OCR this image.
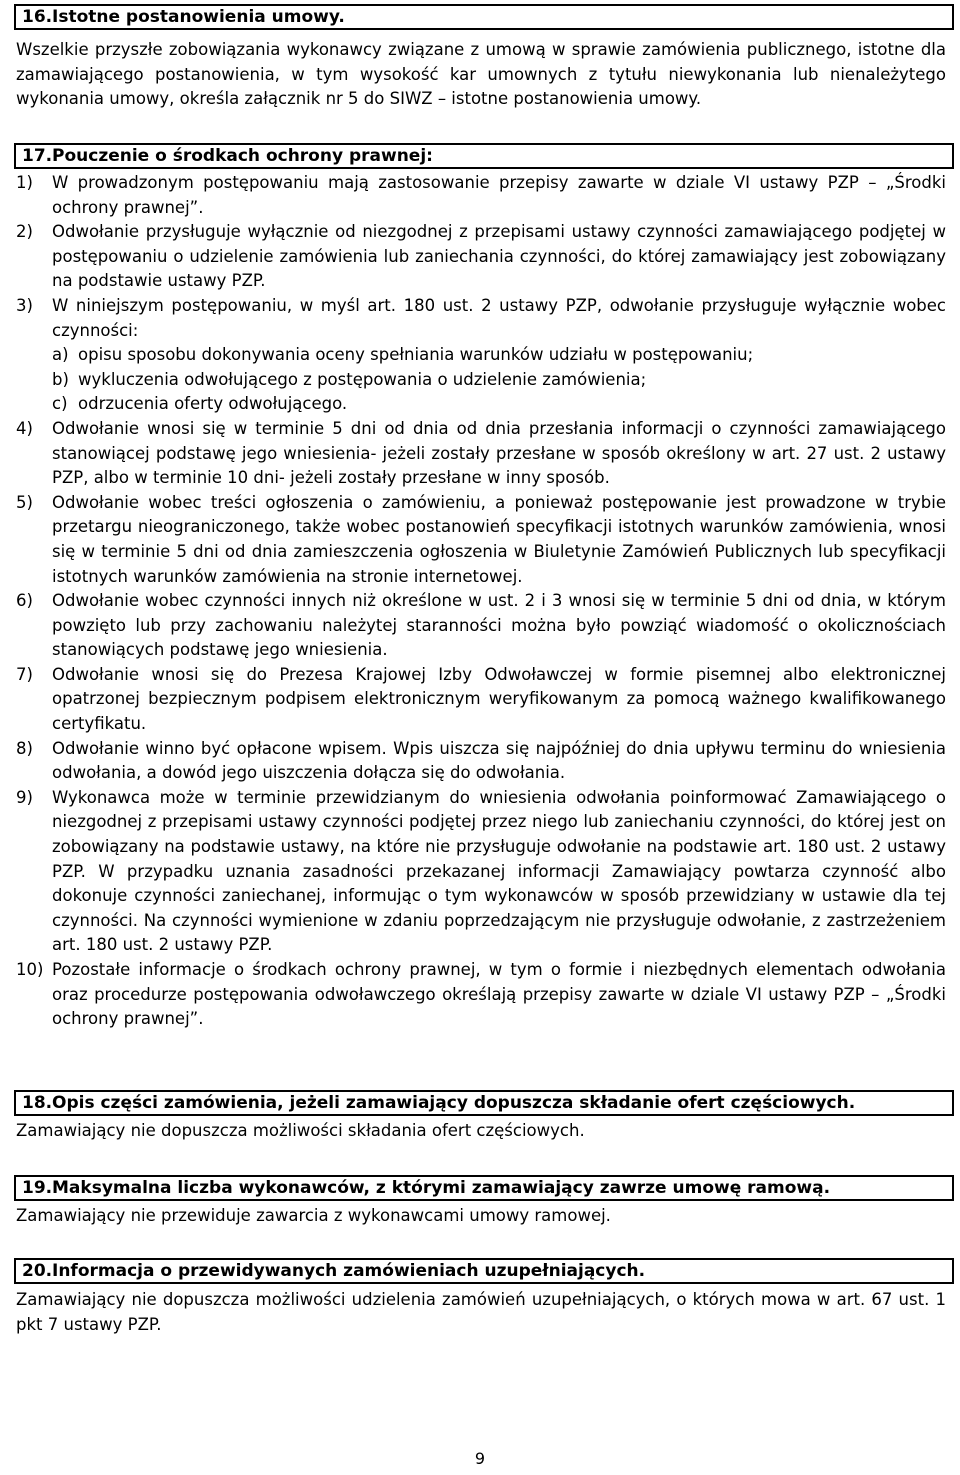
16.Istotne postanowienia umowy.
Wszelkie przyszłe zobowiązania wykonawcy związane z umową w sprawie zamówienia publicznego, istotne dla zamawiającego postanowienia, w tym wysokość kar umownych z tytułu niewykonania lub nienależytego wykonania umowy, określa załącznik nr 5 do SIWZ – istotne postanowienia umowy.
17.Pouczenie o środkach ochrony prawnej:
1)	W prowadzonym postępowaniu mają zastosowanie przepisy zawarte w dziale VI ustawy PZP – „Środki ochrony prawnej”.
2)	Odwołanie przysługuje wyłącznie od niezgodnej z przepisami ustawy czynności zamawiającego podjętej w postępowaniu o udzielenie zamówienia lub zaniechania czynności, do której zamawiający jest zobowiązany na podstawie ustawy PZP.
3)	W niniejszym postępowaniu, w myśl art. 180 ust. 2 ustawy PZP, odwołanie przysługuje wyłącznie wobec czynności:
a) opisu sposobu dokonywania oceny spełniania warunków udziału w postępowaniu;
b) wykluczenia odwołującego z postępowania o udzielenie zamówienia;
c) odrzucenia oferty odwołującego.
4)	Odwołanie wnosi się w terminie 5 dni od dnia od dnia przesłania informacji o czynności zamawiającego stanowiącej podstawę jego wniesienia- jeżeli zostały przesłane w sposób określony w art. 27 ust. 2 ustawy PZP, albo w terminie 10 dni- jeżeli zostały przesłane w inny sposób.
5)	Odwołanie wobec treści ogłoszenia o zamówieniu, a ponieważ postępowanie jest prowadzone w trybie przetargu nieograniczonego, także wobec postanowień specyfikacji istotnych warunków zamówienia, wnosi się w terminie 5 dni od dnia zamieszczenia ogłoszenia w Biuletynie Zamówień Publicznych lub specyfikacji istotnych warunków zamówienia na stronie internetowej.
6)	Odwołanie wobec czynności innych niż określone w ust. 2 i 3 wnosi się w terminie 5 dni od dnia, w którym powzięto lub przy zachowaniu należytej staranności można było powziąć wiadomość o okolicznościach stanowiących podstawę jego wniesienia.
7)	Odwołanie wnosi się do Prezesa Krajowej Izby Odwoławczej w formie pisemnej albo elektronicznej opatrzonej bezpiecznym podpisem elektronicznym weryfikowanym za pomocą ważnego kwalifikowanego certyfikatu.
8)	Odwołanie winno być opłacone wpisem. Wpis uiszcza się najpóźniej do dnia upływu terminu do wniesienia odwołania, a dowód jego uiszczenia dołącza się do odwołania.
9)	Wykonawca może w terminie przewidzianym do wniesienia odwołania poinformować Zamawiającego o niezgodnej z przepisami ustawy czynności podjętej przez niego lub zaniechaniu czynności, do której jest on zobowiązany na podstawie ustawy, na które nie przysługuje odwołanie na podstawie art. 180 ust. 2 ustawy PZP. W przypadku uznania zasadności przekazanej informacji Zamawiający powtarza czynność albo dokonuje czynności zaniechanej, informując o tym wykonawców w sposób przewidziany w ustawie dla tej czynności. Na czynności wymienione w zdaniu poprzedzającym nie przysługuje odwołanie, z zastrzeżeniem art. 180 ust. 2 ustawy PZP.
10) Pozostałe informacje o środkach ochrony prawnej, w tym o formie i niezbędnych elementach odwołania oraz procedurze postępowania odwoławczego określają przepisy zawarte w dziale VI ustawy PZP – „Środki ochrony prawnej”.
18.Opis części zamówienia, jeżeli zamawiający dopuszcza składanie ofert częściowych.
Zamawiający nie dopuszcza możliwości składania ofert częściowych.
19.Maksymalna liczba wykonawców, z którymi zamawiający zawrze umowę ramową.
Zamawiający nie przewiduje zawarcia z wykonawcami umowy ramowej.
20.Informacja o przewidywanych zamówieniach uzupełniających.
Zamawiający nie dopuszcza możliwości udzielenia zamówień uzupełniających, o których mowa w art. 67 ust. 1 pkt 7 ustawy PZP.
9
